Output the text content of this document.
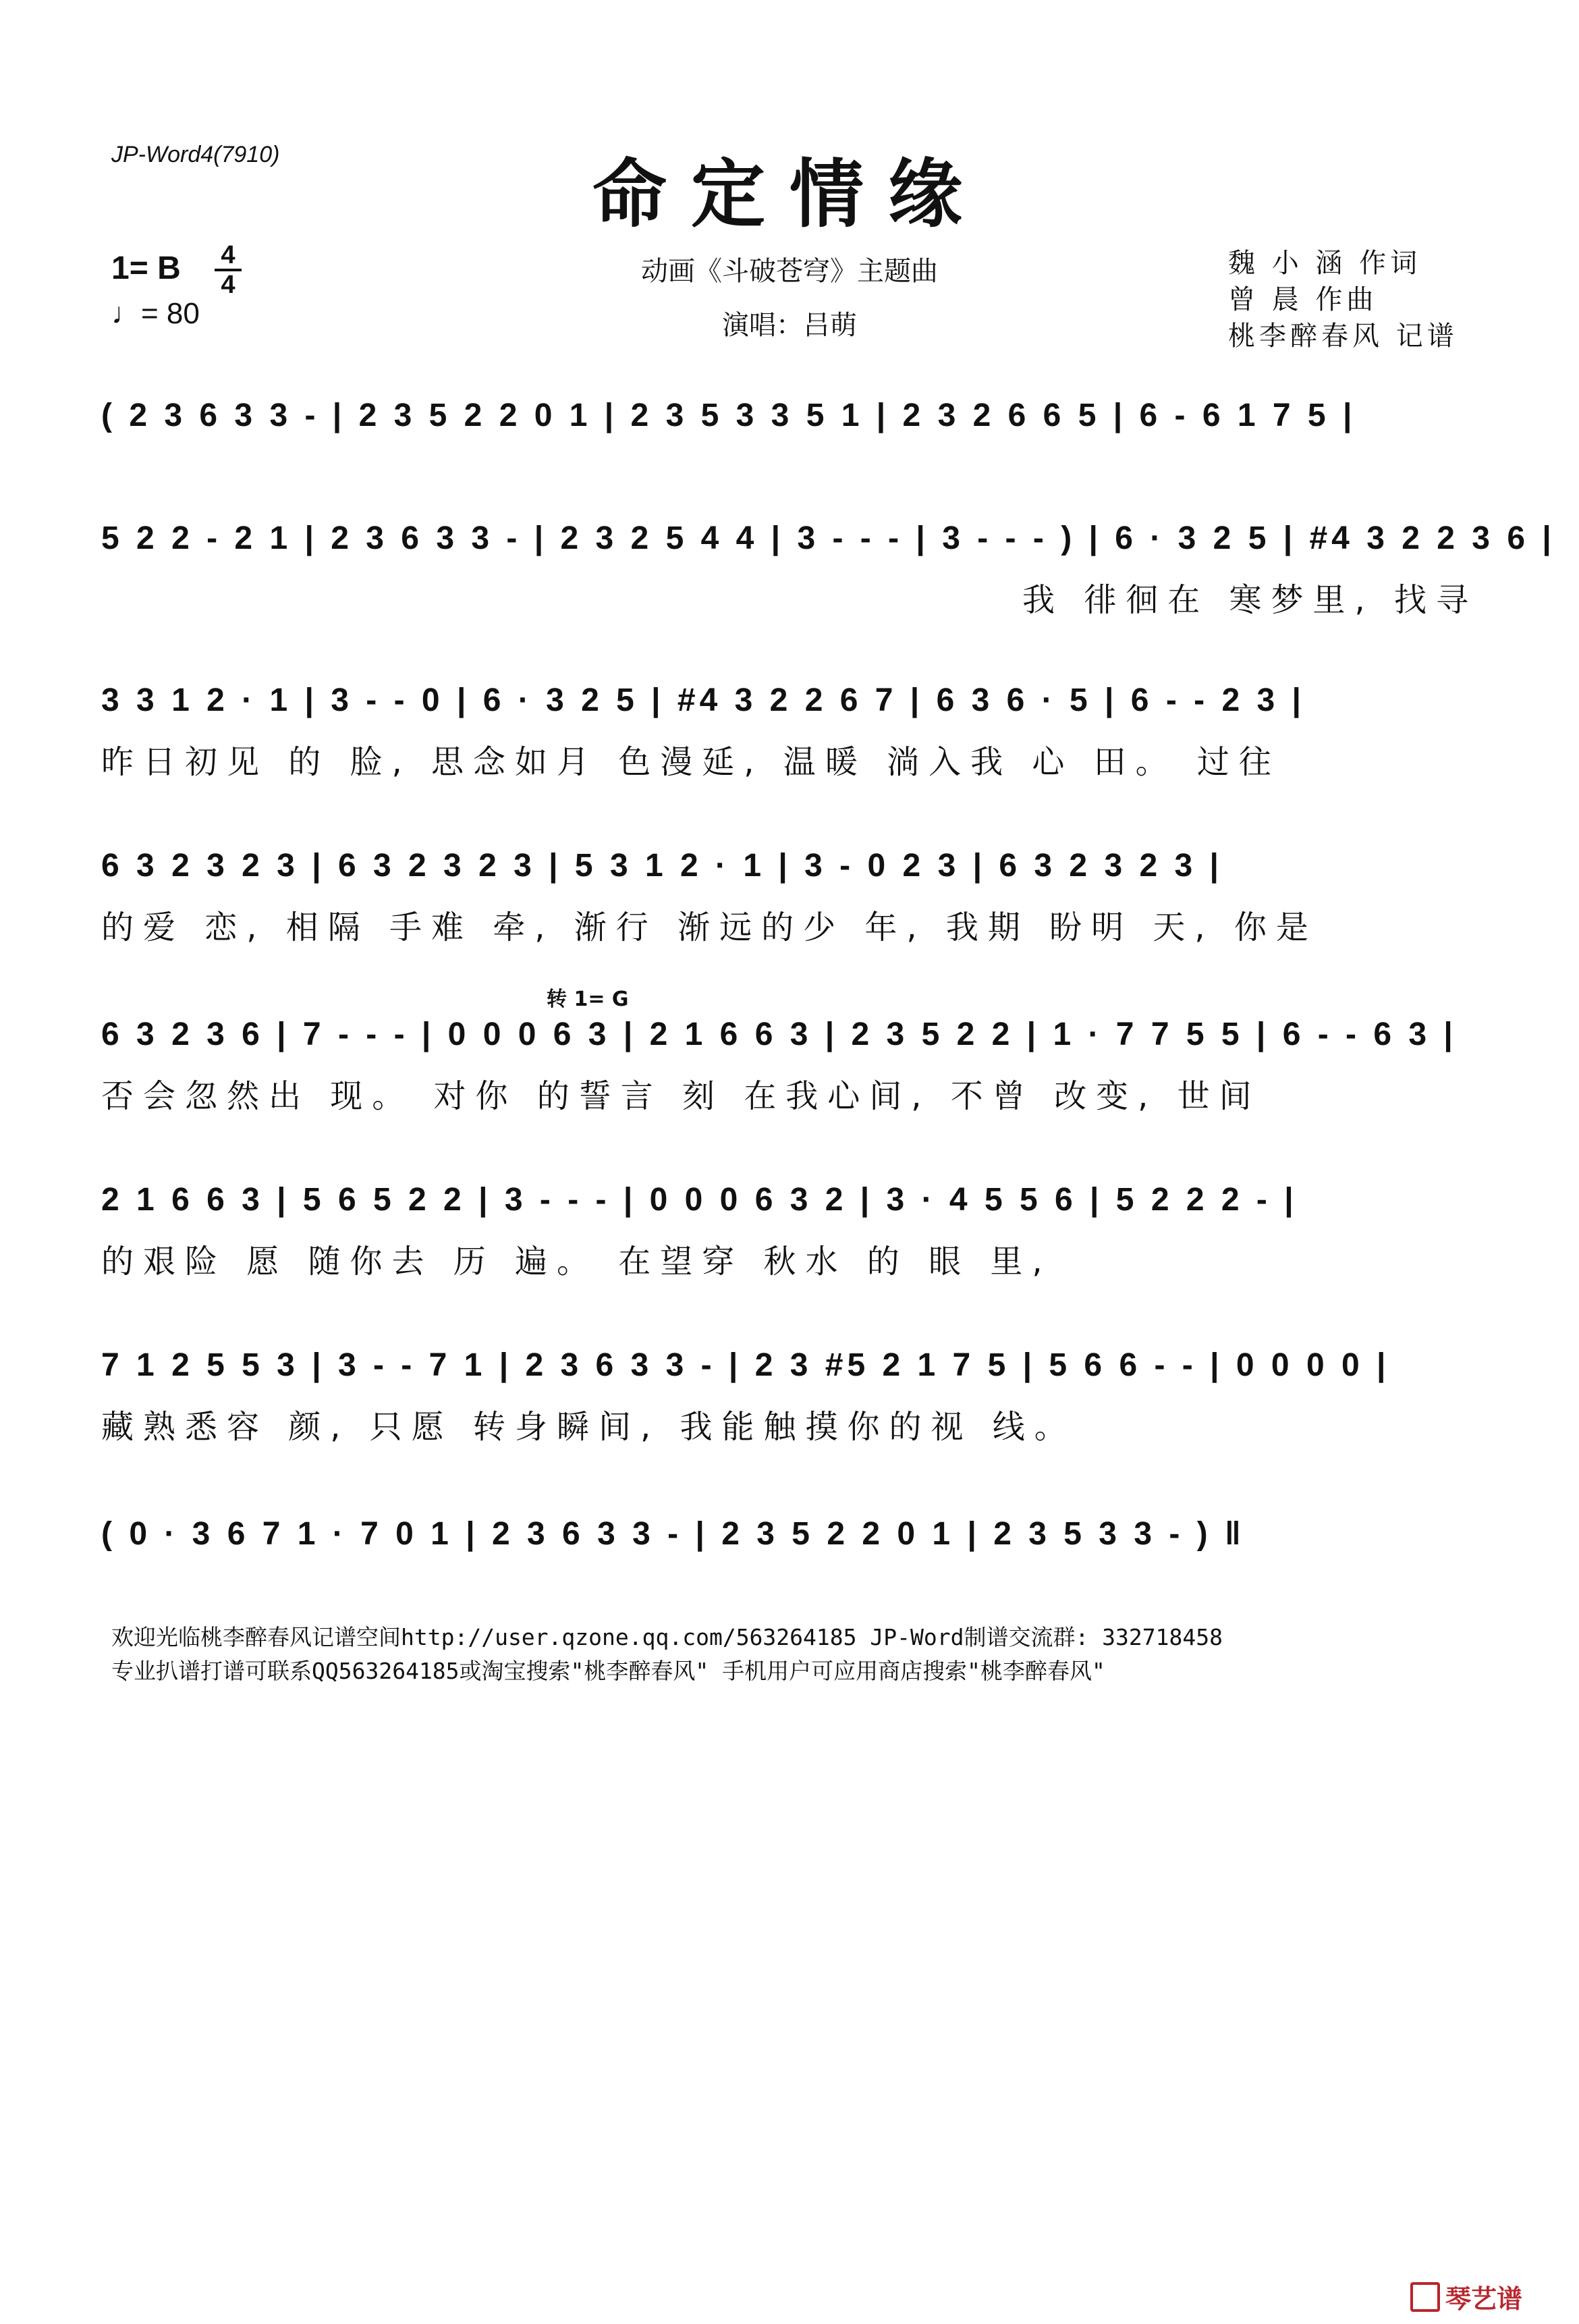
JP-Word4(7910)	命定情缘
1= B 4
4
♩= 80
动画《斗破苍穹》主题曲
演唱：吕萌
魏 小 涵 作词
曾 晨 作曲
桃李醉春风 记谱
( 2 3 6 3 3 - | 2 3 5 2 2 0 1 | 2 3 5 3 3 5 1 | 2 3 2 6 6 5 | 6 - 6 1 7 5 |
5 2 2 - 2 1 | 2 3 6 3 3 - | 2 3 2 5 4 4 | 3 - - - | 3 - - - ) | 6 · 3 2 5 | #4 3 2 2 3 6 |
我 徘徊在 寒梦里, 找寻
3 3 1 2 · 1 | 3 - - 0 | 6 · 3 2 5 | #4 3 2 2 6 7 | 6 3 6 · 5 | 6 - - 2 3 |
昨日初见 的 脸, 思念如月 色漫延, 温暖 淌入我 心 田。 过往
6 3 2 3 2 3 | 6 3 2 3 2 3 | 5 3 1 2 · 1 | 3 - 0 2 3 | 6 3 2 3 2 3 |
的爱 恋, 相隔 手难 牵, 渐行 渐远的少 年, 我期 盼明 天, 你是
转 1= G
6 3 2 3 6 | 7 - - - | 0 0 0 6 3 | 2 1 6 6 3 | 2 3 5 2 2 | 1 · 7 7 5 5 | 6 - - 6 3 |
否会忽然出 现。 对你 的誓言 刻 在我心间, 不曾 改变, 世间
2 1 6 6 3 | 5 6 5 2 2 | 3 - - - | 0 0 0 6 3 2 | 3 · 4 5 5 6 | 5 2 2 2 - |
的艰险 愿 随你去 历 遍。 在望穿 秋水 的 眼 里,
7 1 2 5 5 3 | 3 - - 7 1 | 2 3 6 3 3 - | 2 3 #5 2 1 7 5 | 5 6 6 - - | 0 0 0 0 |
藏熟悉容 颜, 只愿 转身瞬间, 我能触摸你的视 线。
( 0 · 3 6 7 1 · 7 0 1 | 2 3 6 3 3 - | 2 3 5 2 2 0 1 | 2 3 5 3 3 - ) ‖
欢迎光临桃李醉春风记谱空间http://user.qzone.qq.com/563264185 JP-Word制谱交流群: 332718458
专业扒谱打谱可联系QQ563264185或淘宝搜索"桃李醉春风" 手机用户可应用商店搜索"桃李醉春风"
琴艺谱
